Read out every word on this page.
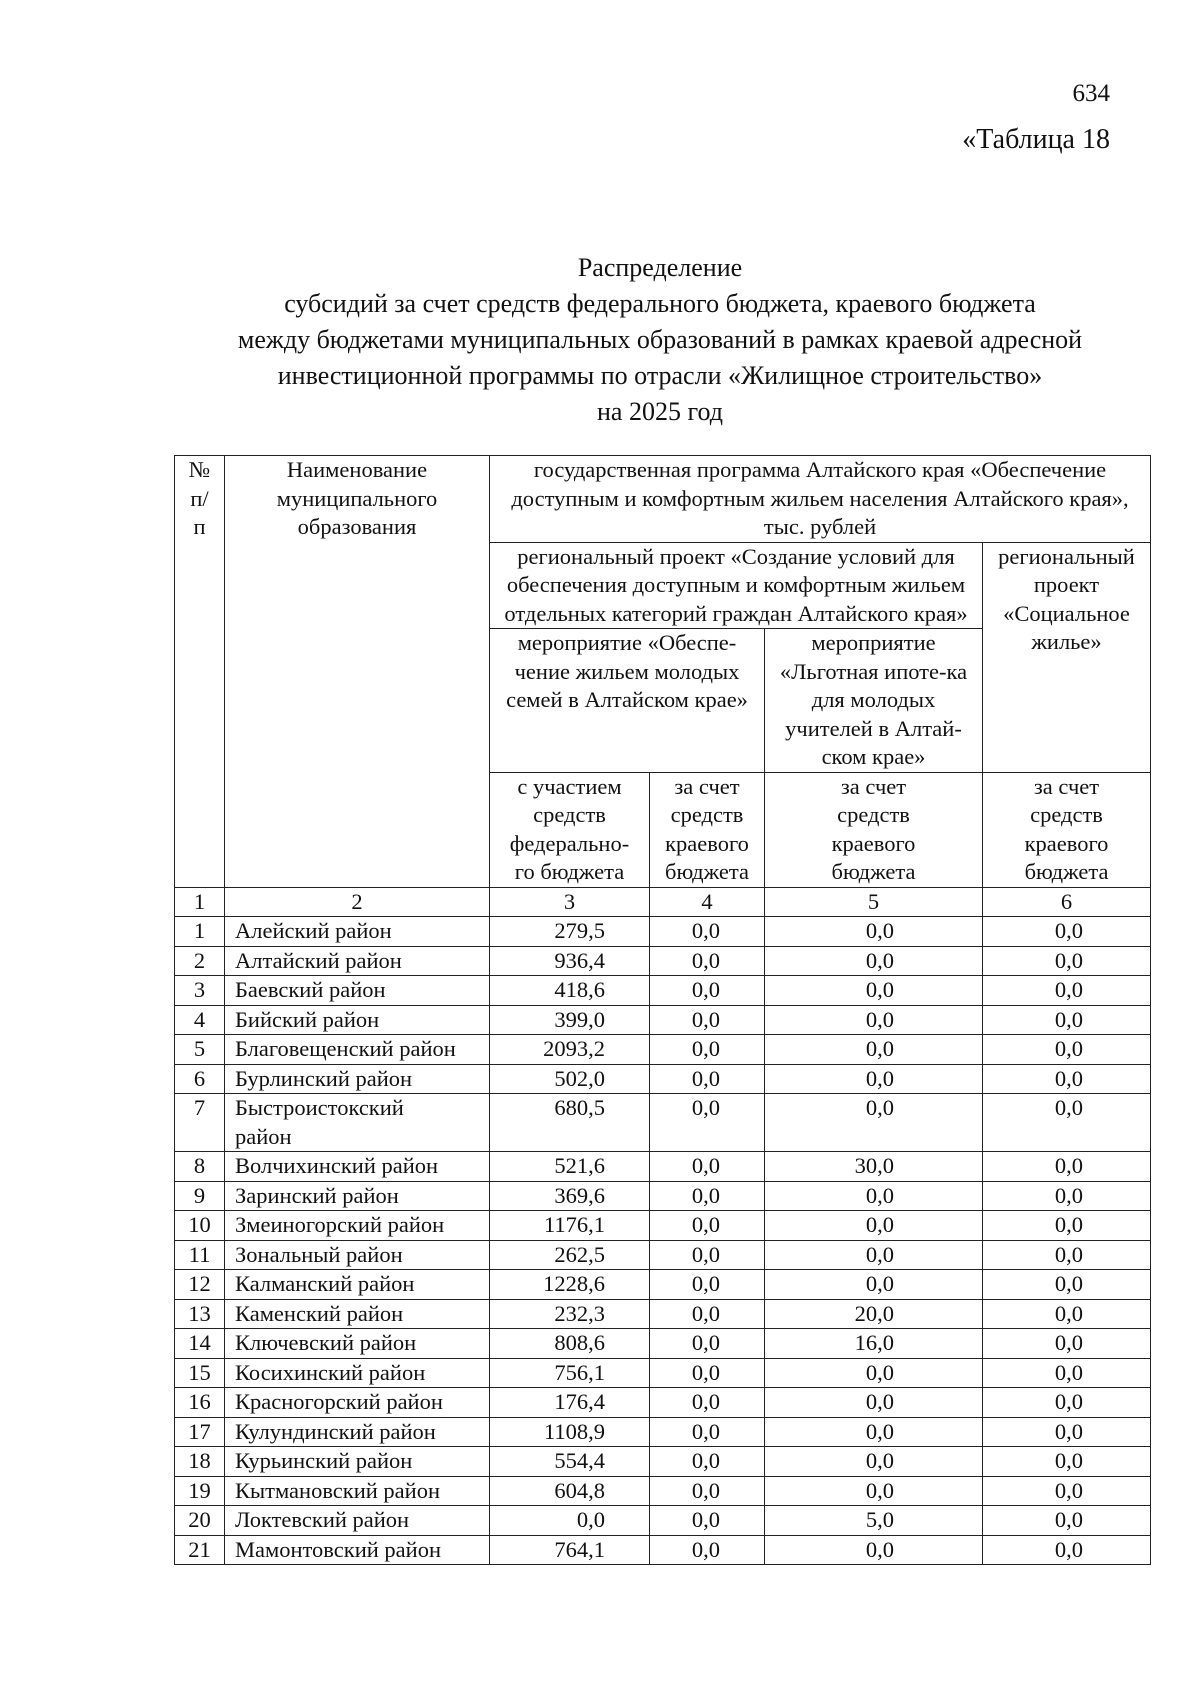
634
«Таблица 18
Распределение
субсидий за счет средств федерального бюджета, краевого бюджета
между бюджетами муниципальных образований в рамках краевой адресной
инвестиционной программы по отрасли «Жилищное строительство»
на 2025 год
№ п/ п	Наименование муниципального образования	государственная программа Алтайского края «Обеспечение доступным и комфортным жильем населения Алтайского края», тыс. рублей			
		региональный проект «Создание условий для обеспечения доступным и комфортным жильем отдельных категорий граждан Алтайского края»			региональный проект «Социальное жилье»
		мероприятие «Обеспе-чение жильем молодых семей в Алтайском крае»		мероприятие «Льготная ипоте-ка для молодых учителей в Алтай-ском крае»	
		с участием средств федерально-го бюджета	за счет средств краевого бюджета	за счет средств краевого бюджета	за счет средств краевого бюджета
1	2	3	4	5	6
1	Алейский район	279,5	0,0	0,0	0,0
2	Алтайский район	936,4	0,0	0,0	0,0
3	Баевский район	418,6	0,0	0,0	0,0
4	Бийский район	399,0	0,0	0,0	0,0
5	Благовещенский район	2093,2	0,0	0,0	0,0
6	Бурлинский район	502,0	0,0	0,0	0,0
7	Быстроистокский район	680,5	0,0	0,0	0,0
8	Волчихинский район	521,6	0,0	30,0	0,0
9	Заринский район	369,6	0,0	0,0	0,0
10	Змеиногорский район	1176,1	0,0	0,0	0,0
11	Зональный район	262,5	0,0	0,0	0,0
12	Калманский район	1228,6	0,0	0,0	0,0
13	Каменский район	232,3	0,0	20,0	0,0
14	Ключевский район	808,6	0,0	16,0	0,0
15	Косихинский район	756,1	0,0	0,0	0,0
16	Красногорский район	176,4	0,0	0,0	0,0
17	Кулундинский район	1108,9	0,0	0,0	0,0
18	Курьинский район	554,4	0,0	0,0	0,0
19	Кытмановский район	604,8	0,0	0,0	0,0
20	Локтевский район	0,0	0,0	5,0	0,0
21	Мамонтовский район	764,1	0,0	0,0	0,0
